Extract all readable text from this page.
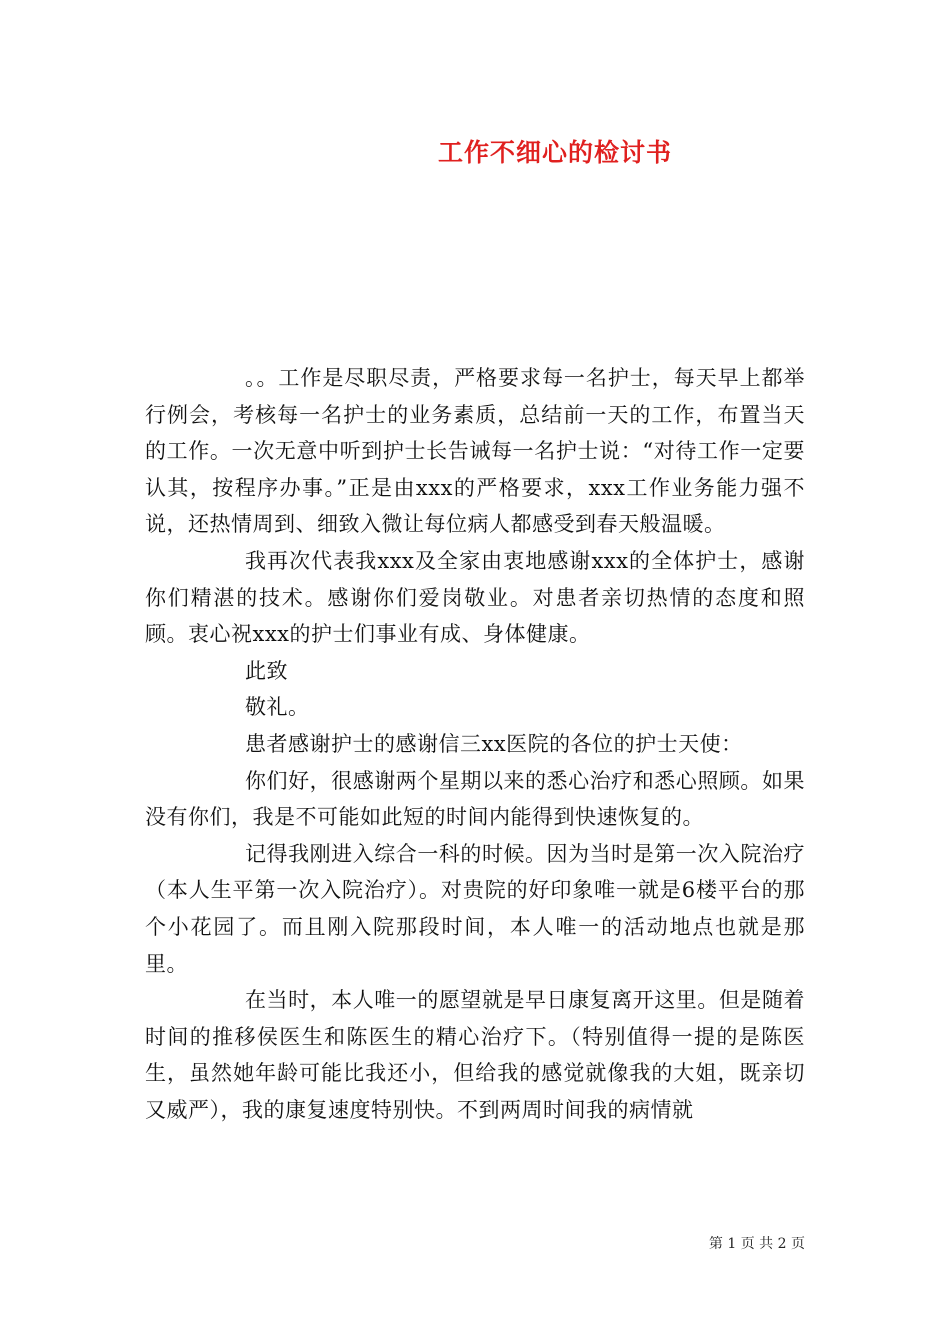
工作不细心的检讨书

。。工作是尽职尽责，严格要求每一名护士，每天早上都举行例会，考核每一名护士的业务素质，总结前一天的工作，布置当天的工作。一次无意中听到护士长告诫每一名护士说：“对待工作一定要认其，按程序办事。”正是由xxx的严格要求，xxx工作业务能力强不说，还热情周到、细致入微让每位病人都感受到春天般温暖。

我再次代表我xxx及全家由衷地感谢xxx的全体护士，感谢你们精湛的技术。感谢你们爱岗敬业。对患者亲切热情的态度和照顾。衷心祝xxx的护士们事业有成、身体健康。

此致

敬礼。

患者感谢护士的感谢信三xx医院的各位的护士天使：

你们好，很感谢两个星期以来的悉心治疗和悉心照顾。如果没有你们，我是不可能如此短的时间内能得到快速恢复的。

记得我刚进入综合一科的时候。因为当时是第一次入院治疗（本人生平第一次入院治疗）。对贵院的好印象唯一就是6楼平台的那个小花园了。而且刚入院那段时间，本人唯一的活动地点也就是那里。

在当时，本人唯一的愿望就是早日康复离开这里。但是随着时间的推移侯医生和陈医生的精心治疗下。（特别值得一提的是陈医生，虽然她年龄可能比我还小，但给我的感觉就像我的大姐，既亲切又威严），我的康复速度特别快。不到两周时间我的病情就

第 1 页 共 2 页
